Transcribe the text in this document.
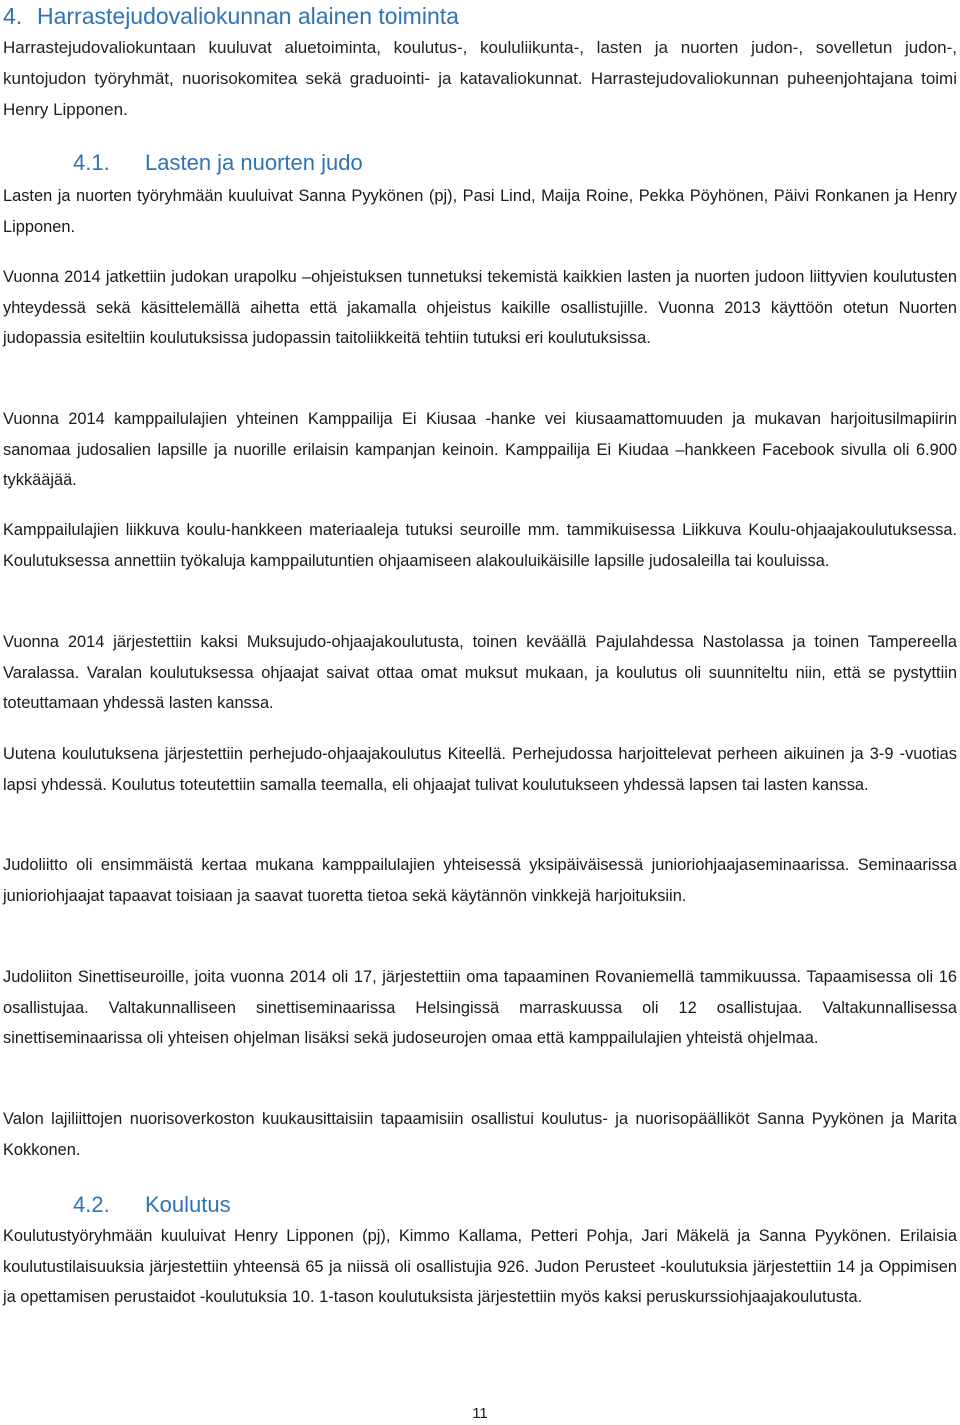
4. Harrastejudovaliokunnan alainen toiminta

Harrastejudovaliokuntaan kuuluvat aluetoiminta, koulutus-, koululiikunta-, lasten ja nuorten judon-, sovelletun judon-, kuntojudon työryhmät, nuorisokomitea sekä graduointi- ja katavaliokunnat. Harrastejudovaliokunnan puheenjohtajana toimi Henry Lipponen.

4.1. Lasten ja nuorten judo

Lasten ja nuorten työryhmään kuuluivat Sanna Pyykönen (pj), Pasi Lind, Maija Roine, Pekka Pöyhönen, Päivi Ronkanen ja Henry Lipponen.

Vuonna 2014 jatkettiin judokan urapolku –ohjeistuksen tunnetuksi tekemistä kaikkien lasten ja nuorten judoon liittyvien koulutusten yhteydessä sekä käsittelemällä aihetta että jakamalla ohjeistus kaikille osallistujille. Vuonna 2013 käyttöön otetun Nuorten judopassia esiteltiin koulutuksissa judopassin taitoliikkeitä tehtiin tutuksi eri koulutuksissa.

Vuonna 2014 kamppailulajien yhteinen Kamppailija Ei Kiusaa -hanke vei kiusaamattomuuden ja mukavan harjoitusilmapiirin sanomaa judosalien lapsille ja nuorille erilaisin kampanjan keinoin. Kamppailija Ei Kiudaa –hankkeen Facebook sivulla oli 6.900 tykkääjää.

Kamppailulajien liikkuva koulu-hankkeen materiaaleja tutuksi seuroille mm. tammikuisessa Liikkuva Koulu-ohjaajakoulutuksessa. Koulutuksessa annettiin työkaluja kamppailutuntien ohjaamiseen alakouluikäisille lapsille judosaleilla tai kouluissa.

Vuonna 2014 järjestettiin kaksi Muksujudo-ohjaajakoulutusta, toinen keväällä Pajulahdessa Nastolassa ja toinen Tampereella Varalassa. Varalan koulutuksessa ohjaajat saivat ottaa omat muksut mukaan, ja koulutus oli suunniteltu niin, että se pystyttiin toteuttamaan yhdessä lasten kanssa.

Uutena koulutuksena järjestettiin perhejudo-ohjaajakoulutus Kiteellä. Perhejudossa harjoittelevat perheen aikuinen ja 3-9 -vuotias lapsi yhdessä. Koulutus toteutettiin samalla teemalla, eli ohjaajat tulivat koulutukseen yhdessä lapsen tai lasten kanssa.

Judoliitto oli ensimmäistä kertaa mukana kamppailulajien yhteisessä yksipäiväisessä junioriohjaajaseminaarissa. Seminaarissa junioriohjaajat tapaavat toisiaan ja saavat tuoretta tietoa sekä käytännön vinkkejä harjoituksiin.

Judoliiton Sinettiseuroille, joita vuonna 2014 oli 17, järjestettiin oma tapaaminen Rovaniemellä tammikuussa. Tapaamisessa oli 16 osallistujaa. Valtakunnalliseen sinettiseminaarissa Helsingissä marraskuussa oli 12 osallistujaa. Valtakunnallisessa sinettiseminaarissa oli yhteisen ohjelman lisäksi sekä judoseurojen omaa että kamppailulajien yhteistä ohjelmaa.

Valon lajiliittojen nuorisoverkoston kuukausittaisiin tapaamisiin osallistui koulutus- ja nuorisopäälliköt Sanna Pyykönen ja Marita Kokkonen.

4.2. Koulutus

Koulutustyöryhmään kuuluivat Henry Lipponen (pj), Kimmo Kallama, Petteri Pohja, Jari Mäkelä ja Sanna Pyykönen. Erilaisia koulutustilaisuuksia järjestettiin yhteensä 65 ja niissä oli osallistujia 926. Judon Perusteet -koulutuksia järjestettiin 14 ja Oppimisen ja opettamisen perustaidot -koulutuksia 10. 1-tason koulutuksista järjestettiin myös kaksi peruskurssiohjaajakoulutusta.

11
